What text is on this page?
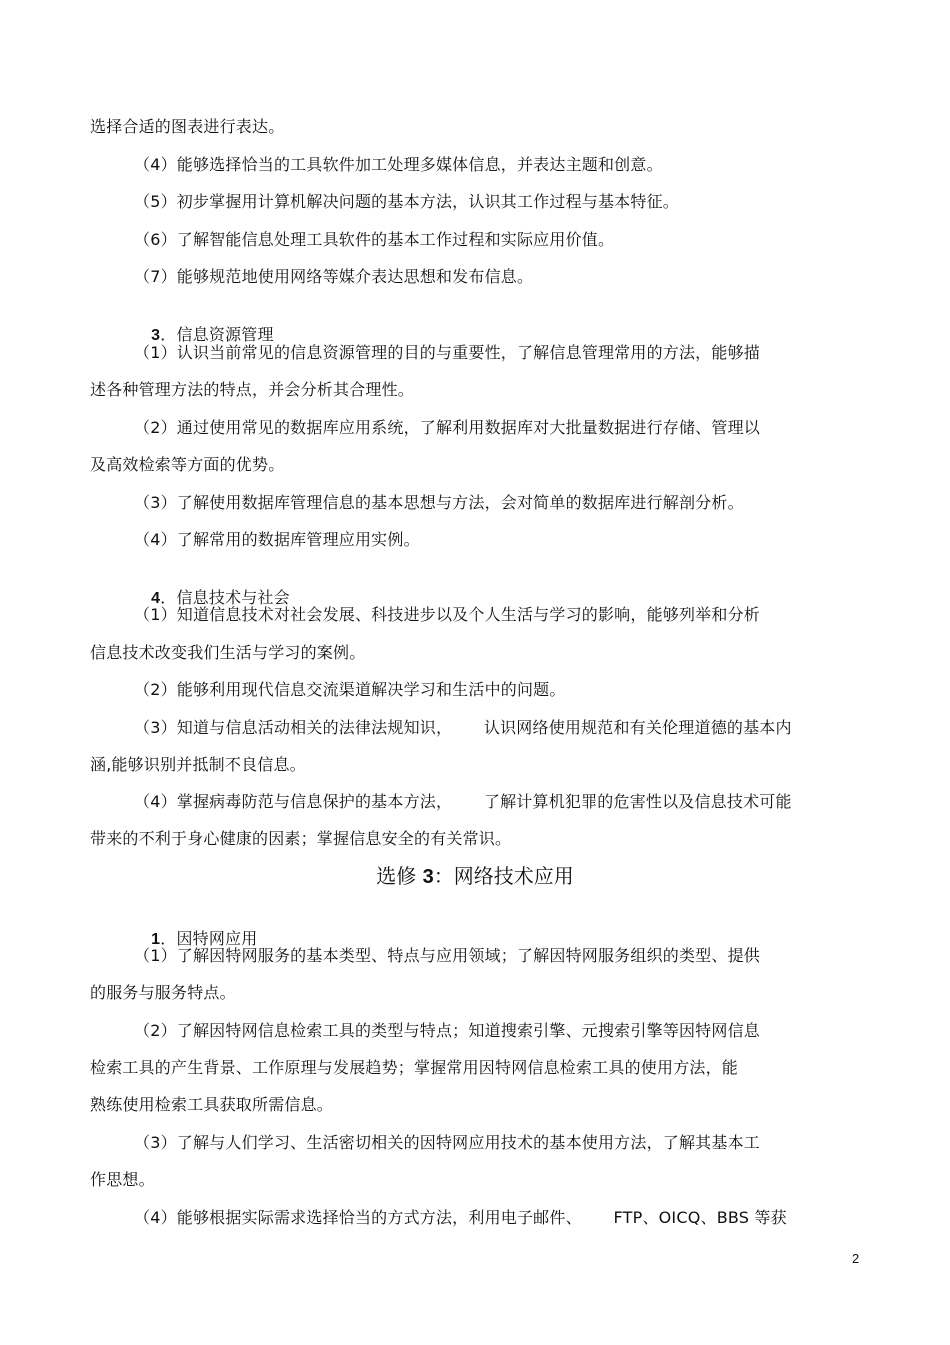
选择合适的图表进行表达。
（4）能够选择恰当的工具软件加工处理多媒体信息，并表达主题和创意。
（5）初步掌握用计算机解决问题的基本方法，认识其工作过程与基本特征。
（6）了解智能信息处理工具软件的基本工作过程和实际应用价值。
（7）能够规范地使用网络等媒介表达思想和发布信息。

3．信息资源管理

（1）认识当前常见的信息资源管理的目的与重要性，了解信息管理常用的方法，能够描
述各种管理方法的特点，并会分析其合理性。
（2）通过使用常见的数据库应用系统，了解利用数据库对大批量数据进行存储、管理以
及高效检索等方面的优势。
（3）了解使用数据库管理信息的基本思想与方法，会对简单的数据库进行解剖分析。
（4）了解常用的数据库管理应用实例。

4．信息技术与社会

（1）知道信息技术对社会发展、科技进步以及个人生活与学习的影响，能够列举和分析
信息技术改变我们生活与学习的案例。
（2）能够利用现代信息交流渠道解决学习和生活中的问题。
（3）知道与信息活动相关的法律法规知识，      认识网络使用规范和有关伦理道德的基本内
涵,能够识别并抵制不良信息。
（4）掌握病毒防范与信息保护的基本方法，      了解计算机犯罪的危害性以及信息技术可能
带来的不利于身心健康的因素；掌握信息安全的有关常识。
选修 3：网络技术应用

1．因特网应用

（1）了解因特网服务的基本类型、特点与应用领域；了解因特网服务组织的类型、提供
的服务与服务特点。
（2）了解因特网信息检索工具的类型与特点；知道搜索引擎、元搜索引擎等因特网信息
检索工具的产生背景、工作原理与发展趋势；掌握常用因特网信息检索工具的使用方法，能
熟练使用检索工具获取所需信息。
（3）了解与人们学习、生活密切相关的因特网应用技术的基本使用方法，了解其基本工
作思想。
（4）能够根据实际需求选择恰当的方式方法，利用电子邮件、      FTP、OICQ、BBS 等获
2
